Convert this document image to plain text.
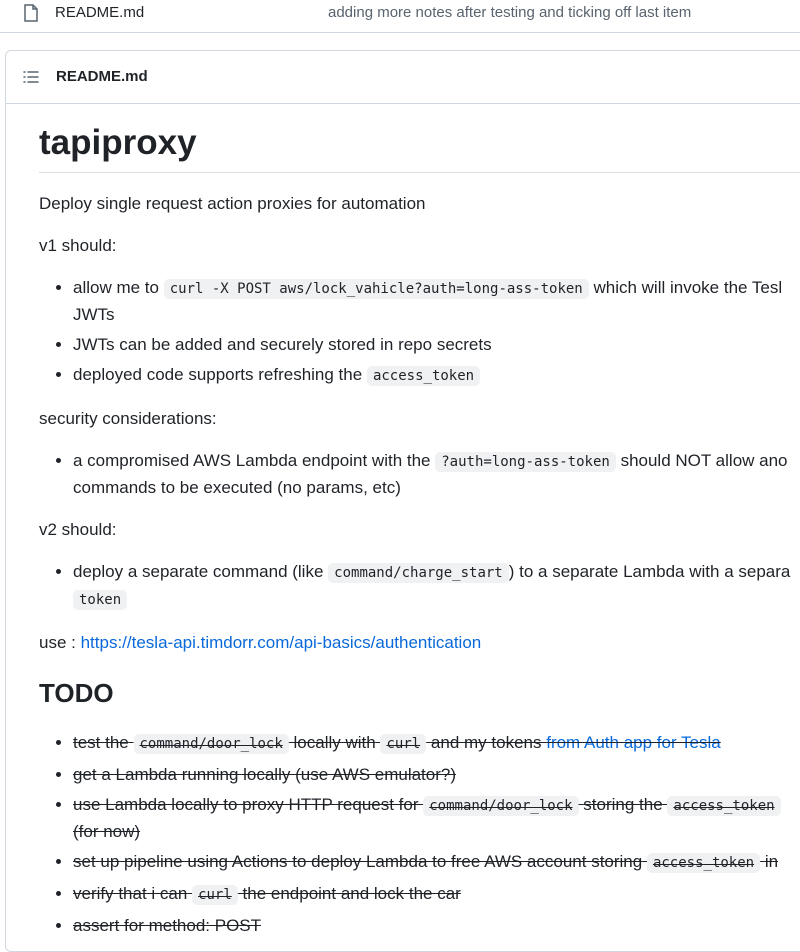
README.md	adding more notes after testing and ticking off last item
README.md
tapiproxy

Deploy single request action proxies for automation

v1 should:

• allow me to curl -X POST aws/lock_vahicle?auth=long-ass-token which will invoke the Tesl
JWTs
• JWTs can be added and securely stored in repo secrets
• deployed code supports refreshing the access_token

security considerations:

• a compromised AWS Lambda endpoint with the ?auth=long-ass-token should NOT allow ano
commands to be executed (no params, etc)

v2 should:

• deploy a separate command (like command/charge_start ) to a separate Lambda with a separa
token

use : https://tesla-api.timdorr.com/api-basics/authentication

TODO
• test the command/door_lock locally with curl and my tokens from Auth app for Tesla
• get a Lambda running locally (use AWS emulator?)
• use Lambda locally to proxy HTTP request for command/door_lock storing the access_token
(for now)
• set up pipeline using Actions to deploy Lambda to free AWS account storing access_token in
• verify that i can curl the endpoint and lock the car
• assert for method: POST
